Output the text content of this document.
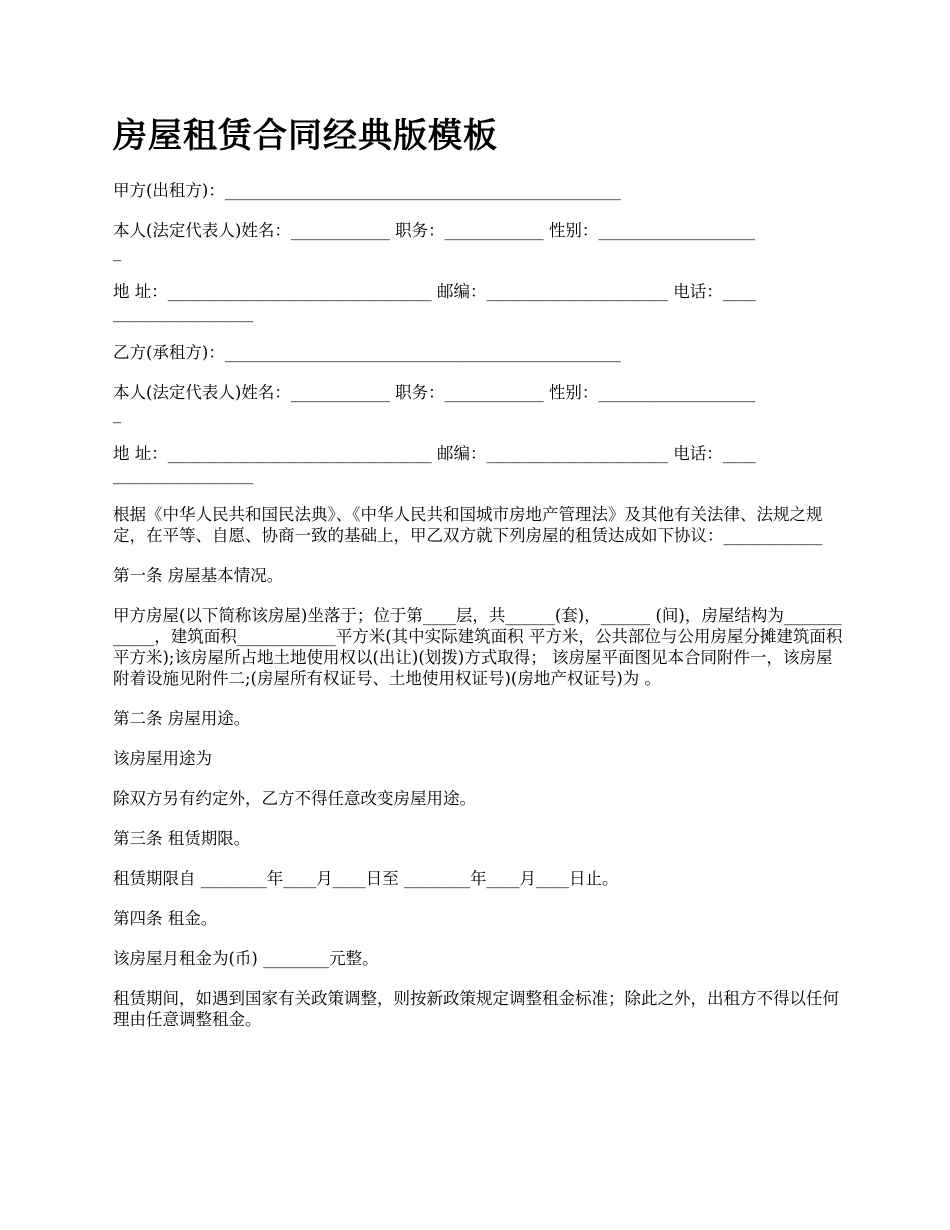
房屋租赁合同经典版模板
甲方(出租方)：________________________________________________
本人(法定代表人)姓名：____________ 职务：____________ 性别：___________________
_
地 址：________________________________ 邮编：______________________ 电话：____
_________________
乙方(承租方)：________________________________________________
本人(法定代表人)姓名：____________ 职务：____________ 性别：___________________
_
地 址：________________________________ 邮编：______________________ 电话：____
_________________
根据《中华人民共和国民法典》、《中华人民共和国城市房地产管理法》及其他有关法律、法规之规定，在平等、自愿、协商一致的基础上，甲乙双方就下列房屋的租赁达成如下协议：____________
第一条 房屋基本情况。
甲方房屋(以下简称该房屋)坐落于；位于第____层，共______(套)，______ (间)，房屋结构为____________，建筑面积____________平方米(其中实际建筑面积 平方米，公共部位与公用房屋分摊建筑面积 平方米);该房屋所占地土地使用权以(出让)(划拨)方式取得； 该房屋平面图见本合同附件一，该房屋附着设施见附件二;(房屋所有权证号、土地使用权证号)(房地产权证号)为 。
第二条 房屋用途。
该房屋用途为
除双方另有约定外，乙方不得任意改变房屋用途。
第三条 租赁期限。
租赁期限自 ________年____月____日至 ________年____月____日止。
第四条 租金。
该房屋月租金为(币) ________元整。
租赁期间，如遇到国家有关政策调整，则按新政策规定调整租金标准；除此之外，出租方不得以任何理由任意调整租金。
